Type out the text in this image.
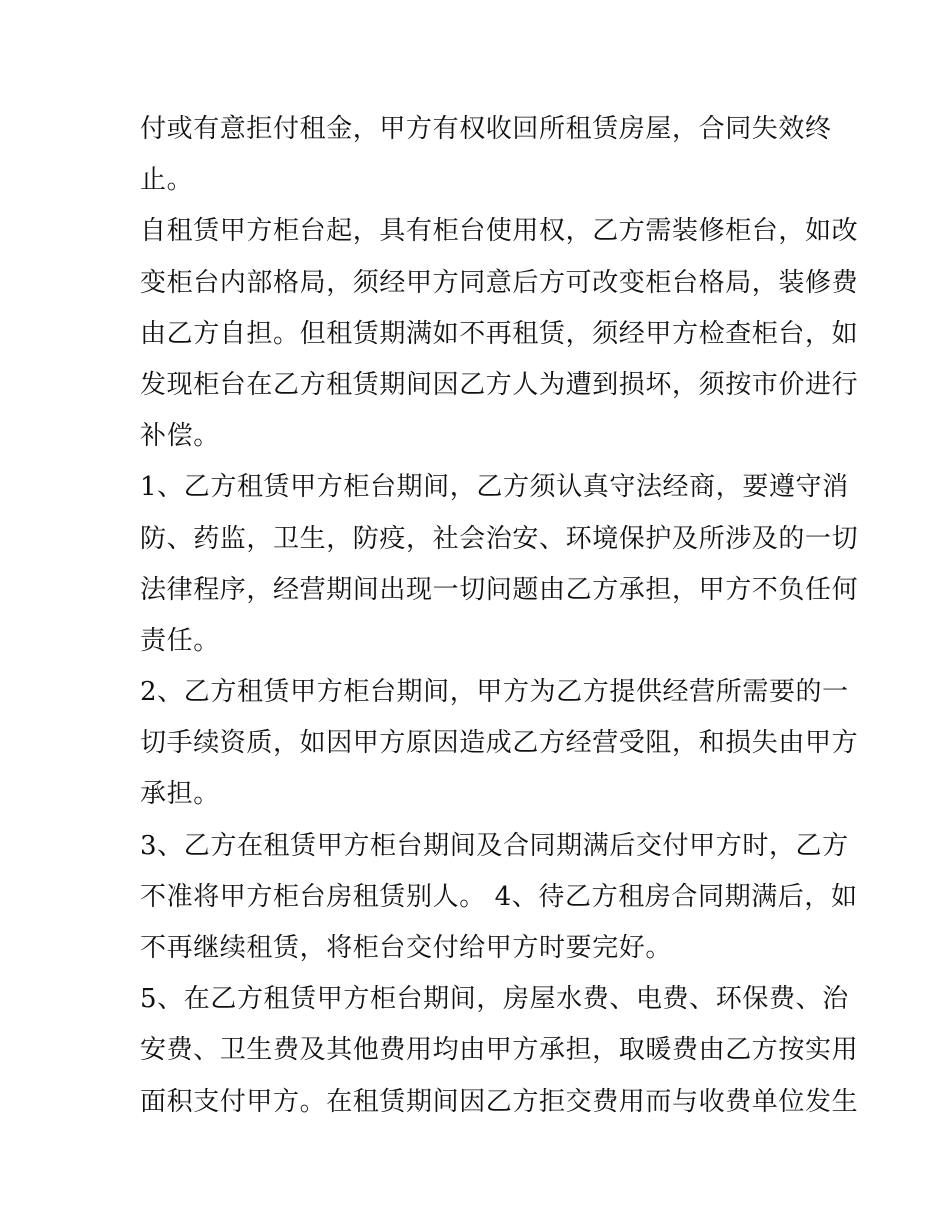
付或有意拒付租金，甲方有权收回所租赁房屋，合同失效终
止。

自租赁甲方柜台起，具有柜台使用权，乙方需装修柜台，如改
变柜台内部格局，须经甲方同意后方可改变柜台格局，装修费
由乙方自担。但租赁期满如不再租赁，须经甲方检查柜台，如
发现柜台在乙方租赁期间因乙方人为遭到损坏，须按市价进行
补偿。

1、乙方租赁甲方柜台期间，乙方须认真守法经商，要遵守消
防、药监，卫生，防疫，社会治安、环境保护及所涉及的一切
法律程序，经营期间出现一切问题由乙方承担，甲方不负任何
责任。

2、乙方租赁甲方柜台期间，甲方为乙方提供经营所需要的一
切手续资质，如因甲方原因造成乙方经营受阻，和损失由甲方
承担。

3、乙方在租赁甲方柜台期间及合同期满后交付甲方时，乙方
不准将甲方柜台房租赁别人。 4、待乙方租房合同期满后，如
不再继续租赁，将柜台交付给甲方时要完好。

5、在乙方租赁甲方柜台期间，房屋水费、电费、环保费、治
安费、卫生费及其他费用均由甲方承担，取暖费由乙方按实用
面积支付甲方。在租赁期间因乙方拒交费用而与收费单位发生
